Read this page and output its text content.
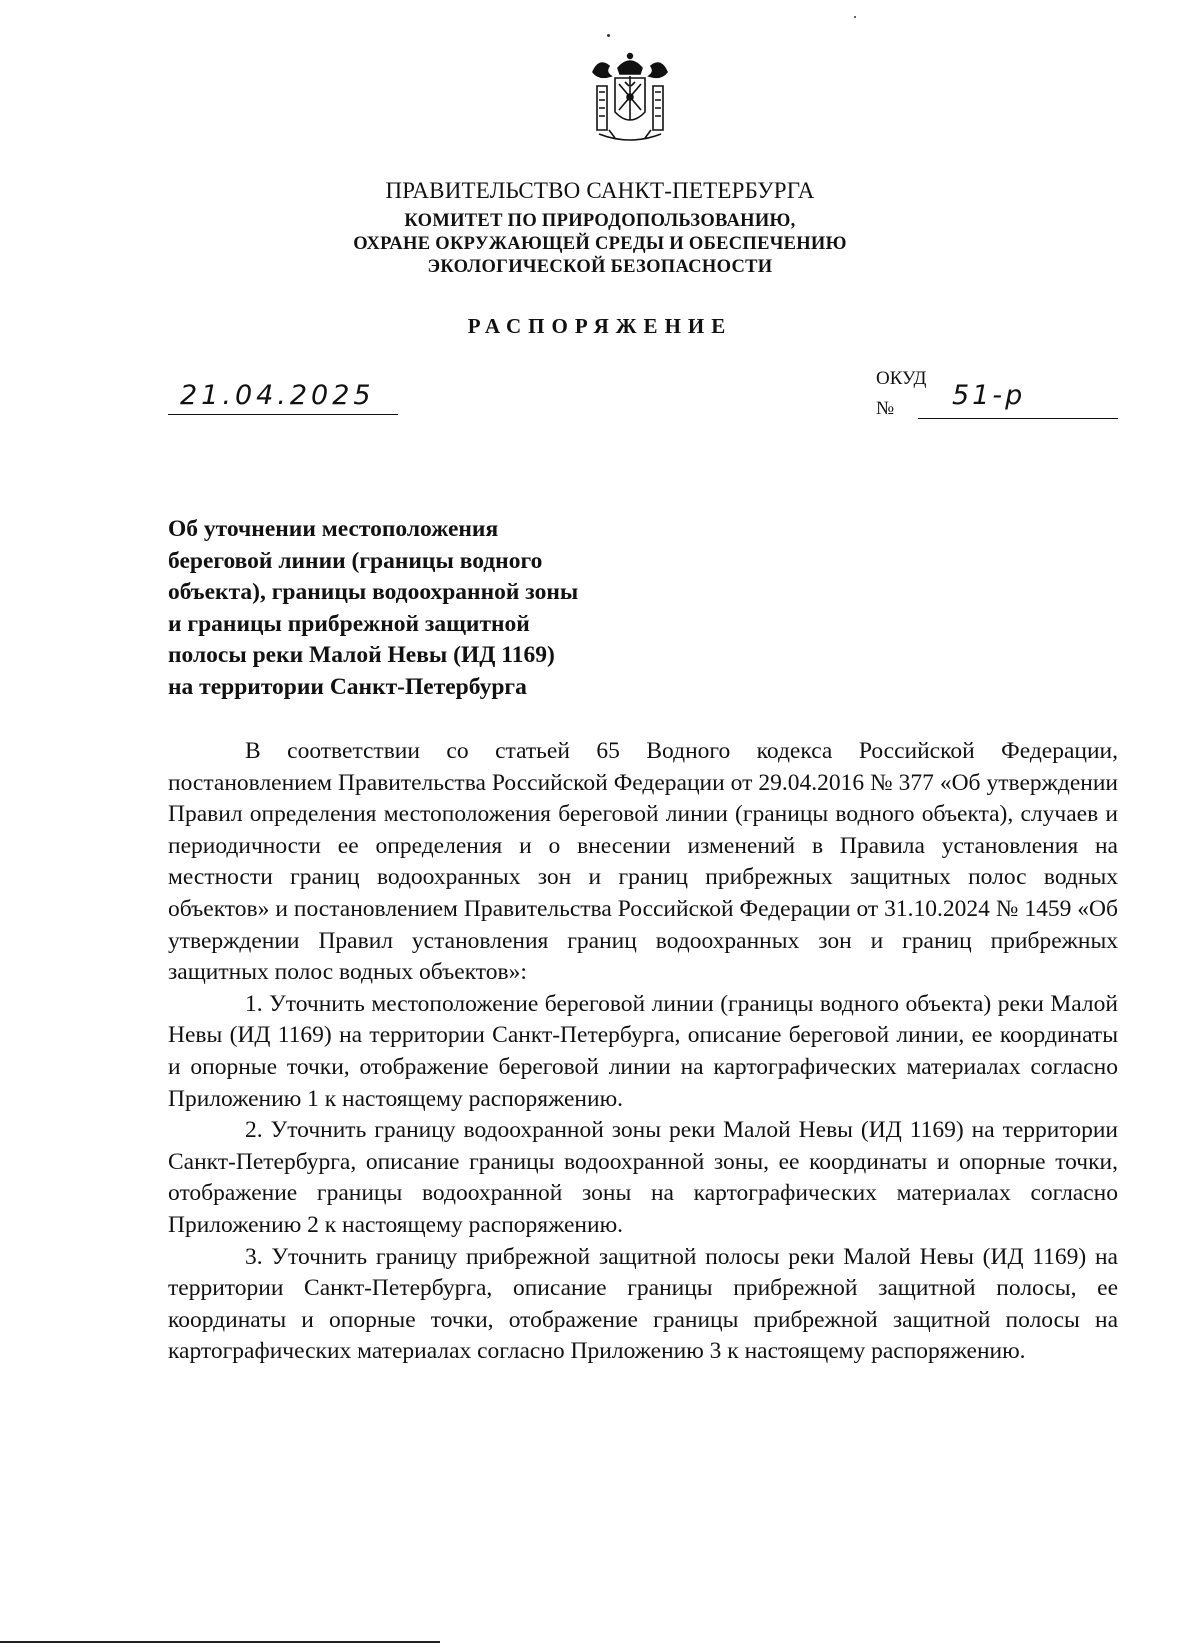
ПРАВИТЕЛЬСТВО САНКТ-ПЕТЕРБУРГА
КОМИТЕТ ПО ПРИРОДОПОЛЬЗОВАНИЮ,
ОХРАНЕ ОКРУЖАЮЩЕЙ СРЕДЫ И ОБЕСПЕЧЕНИЮ
ЭКОЛОГИЧЕСКОЙ БЕЗОПАСНОСТИ
РАСПОРЯЖЕНИЕ
21.04.2025
ОКУД
№ 51-р
Об уточнении местоположения
береговой линии (границы водного
объекта), границы водоохранной зоны
и границы прибрежной защитной
полосы реки Малой Невы (ИД 1169)
на территории Санкт-Петербурга

В соответствии со статьей 65 Водного кодекса Российской Федерации, постановлением Правительства Российской Федерации от 29.04.2016 № 377 «Об утверждении Правил определения местоположения береговой линии (границы водного объекта), случаев и периодичности ее определения и о внесении изменений в Правила установления на местности границ водоохранных зон и границ прибрежных защитных полос водных объектов» и постановлением Правительства Российской Федерации от 31.10.2024 № 1459 «Об утверждении Правил установления границ водоохранных зон и границ прибрежных защитных полос водных объектов»:

1. Уточнить местоположение береговой линии (границы водного объекта) реки Малой Невы (ИД 1169) на территории Санкт-Петербурга, описание береговой линии, ее координаты и опорные точки, отображение береговой линии на картографических материалах согласно Приложению 1 к настоящему распоряжению.

2. Уточнить границу водоохранной зоны реки Малой Невы (ИД 1169) на территории Санкт-Петербурга, описание границы водоохранной зоны, ее координаты и опорные точки, отображение границы водоохранной зоны на картографических материалах согласно Приложению 2 к настоящему распоряжению.

3. Уточнить границу прибрежной защитной полосы реки Малой Невы (ИД 1169) на территории Санкт-Петербурга, описание границы прибрежной защитной полосы, ее координаты и опорные точки, отображение границы прибрежной защитной полосы на картографических материалах согласно Приложению 3 к настоящему распоряжению.
